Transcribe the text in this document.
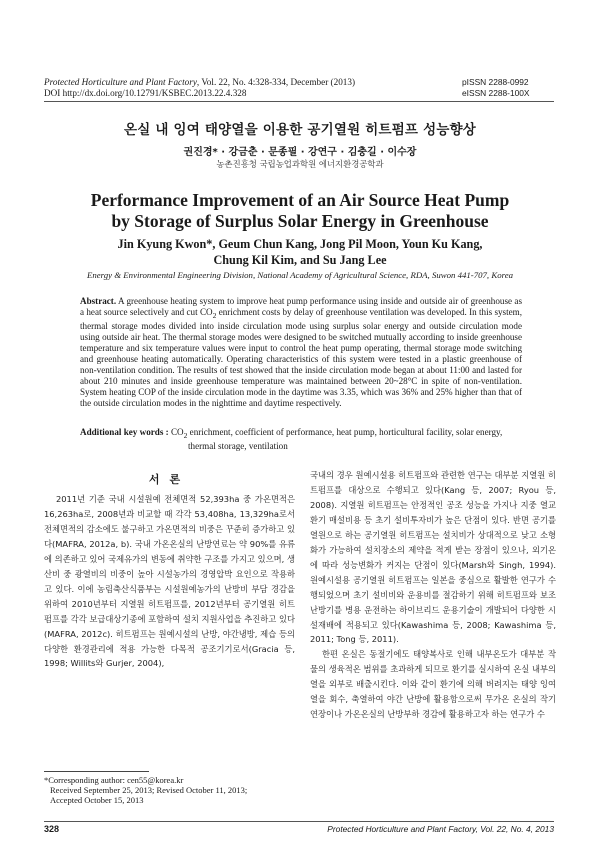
Protected Horticulture and Plant Factory, Vol. 22, No. 4:328-334, December (2013)
DOI http://dx.doi.org/10.12791/KSBEC.2013.22.4.328
pISSN 2288-0992
eISSN 2288-100X
온실 내 잉여 태양열을 이용한 공기열원 히트펌프 성능향상
권진경* · 강금춘 · 문종필 · 강연구 · 김충길 · 이수장
농촌진흥청 국립농업과학원 에너지환경공학과
Performance Improvement of an Air Source Heat Pump
by Storage of Surplus Solar Energy in Greenhouse
Jin Kyung Kwon*, Geum Chun Kang, Jong Pil Moon, Youn Ku Kang,
Chung Kil Kim, and Su Jang Lee
Energy & Environmental Engineering Division, National Academy of Agricultural Science, RDA, Suwon 441-707, Korea
Abstract. A greenhouse heating system to improve heat pump performance using inside and outside air of greenhouse as a heat source selectively and cut $CO_2$ enrichment costs by delay of greenhouse ventilation was developed. In this system, thermal storage modes divided into inside circulation mode using surplus solar energy and outside circulation mode using outside air heat. The thermal storage modes were designed to be switched mutually according to inside greenhouse temperature and six temperature values were input to control the heat pump operating, thermal storage mode switching and greenhouse heating automatically. Operating characteristics of this system were tested in a plastic greenhouse of non-ventilation condition. The results of test showed that the inside circulation mode began at about 11:00 and lasted for about 210 minutes and inside greenhouse temperature was maintained between 20~28°C in spite of non-ventilation. System heating COP of the inside circulation mode in the daytime was 3.35, which was 36% and 25% higher than that of the outside circulation modes in the nighttime and daytime respectively.
Additional key words : $CO_2$ enrichment, coefficient of performance, heat pump, horticultural facility, solar energy,
thermal storage, ventilation
서론
2011년 기준 국내 시설원예 전체면적 52,393ha 중 가온면적은 16,263ha로, 2008년과 비교할 때 각각 53,408ha, 13,329ha로서 전체면적의 감소에도 불구하고 가온면적의 비중은 꾸준히 증가하고 있다(MAFRA, 2012a, b). 국내 가온온실의 난방연료는 약 90%를 유류에 의존하고 있어 국제유가의 변동에 취약한 구조를 가지고 있으며, 생산비 중 광열비의 비중이 높아 시설농가의 경영압박 요인으로 작용하고 있다. 이에 농림축산식품부는 시설원예농가의 난방비 부담 경감을 위하여 2010년부터 지열원 히트펌프를, 2012년부터 공기열원 히트펌프를 각각 보급대상기종에 포함하여 설치 지원사업을 추진하고 있다(MAFRA, 2012c). 히트펌프는 원예시설의 난방, 야간냉방, 제습 등의 다양한 환경관리에 적용 가능한 다목적 공조기기로서(Gracia 등, 1998; Willits와 Gurjer, 2004),

국내의 경우 원예시설용 히트펌프와 관련한 연구는 대부분 지열원 히트펌프를 대상으로 수행되고 있다(Kang 등, 2007; Ryou 등, 2008). 지열원 히트펌프는 안정적인 공조 성능을 가지나 지중 열교환기 매설비용 등 초기 설비투자비가 높은 단점이 있다. 반면 공기를 열원으로 하는 공기열원 히트펌프는 설치비가 상대적으로 낮고 소형화가 가능하여 설치장소의 제약을 적게 받는 장점이 있으나, 외기온에 따라 성능변화가 커지는 단점이 있다(Marsh와 Singh, 1994). 원예시설용 공기열원 히트펌프는 일본을 중심으로 활발한 연구가 수행되었으며 초기 설비비와 운용비를 절감하기 위해 히트펌프와 보조 난방기를 병용 운전하는 하이브리드 운용기술이 개발되어 다양한 시설재배에 적용되고 있다(Kawashima 등, 2008; Kawashima 등, 2011; Tong 등, 2011).

한편 온실은 동절기에도 태양복사로 인해 내부온도가 대부분 작물의 생육적온 범위를 초과하게 되므로 환기를 실시하여 온실 내부의 열을 외부로 배출시킨다. 이와 같이 환기에 의해 버려지는 태양 잉여열을 회수, 축열하여 야간 난방에 활용함으로써 무가온 온실의 작기 연장이나 가온온실의 난방부하 경감에 활용하고자 하는 연구가 수

*Corresponding author: cen55@korea.kr
Received September 25, 2013; Revised October 11, 2013;
Accepted October 15, 2013
328	Protected Horticulture and Plant Factory, Vol. 22, No. 4, 2013
